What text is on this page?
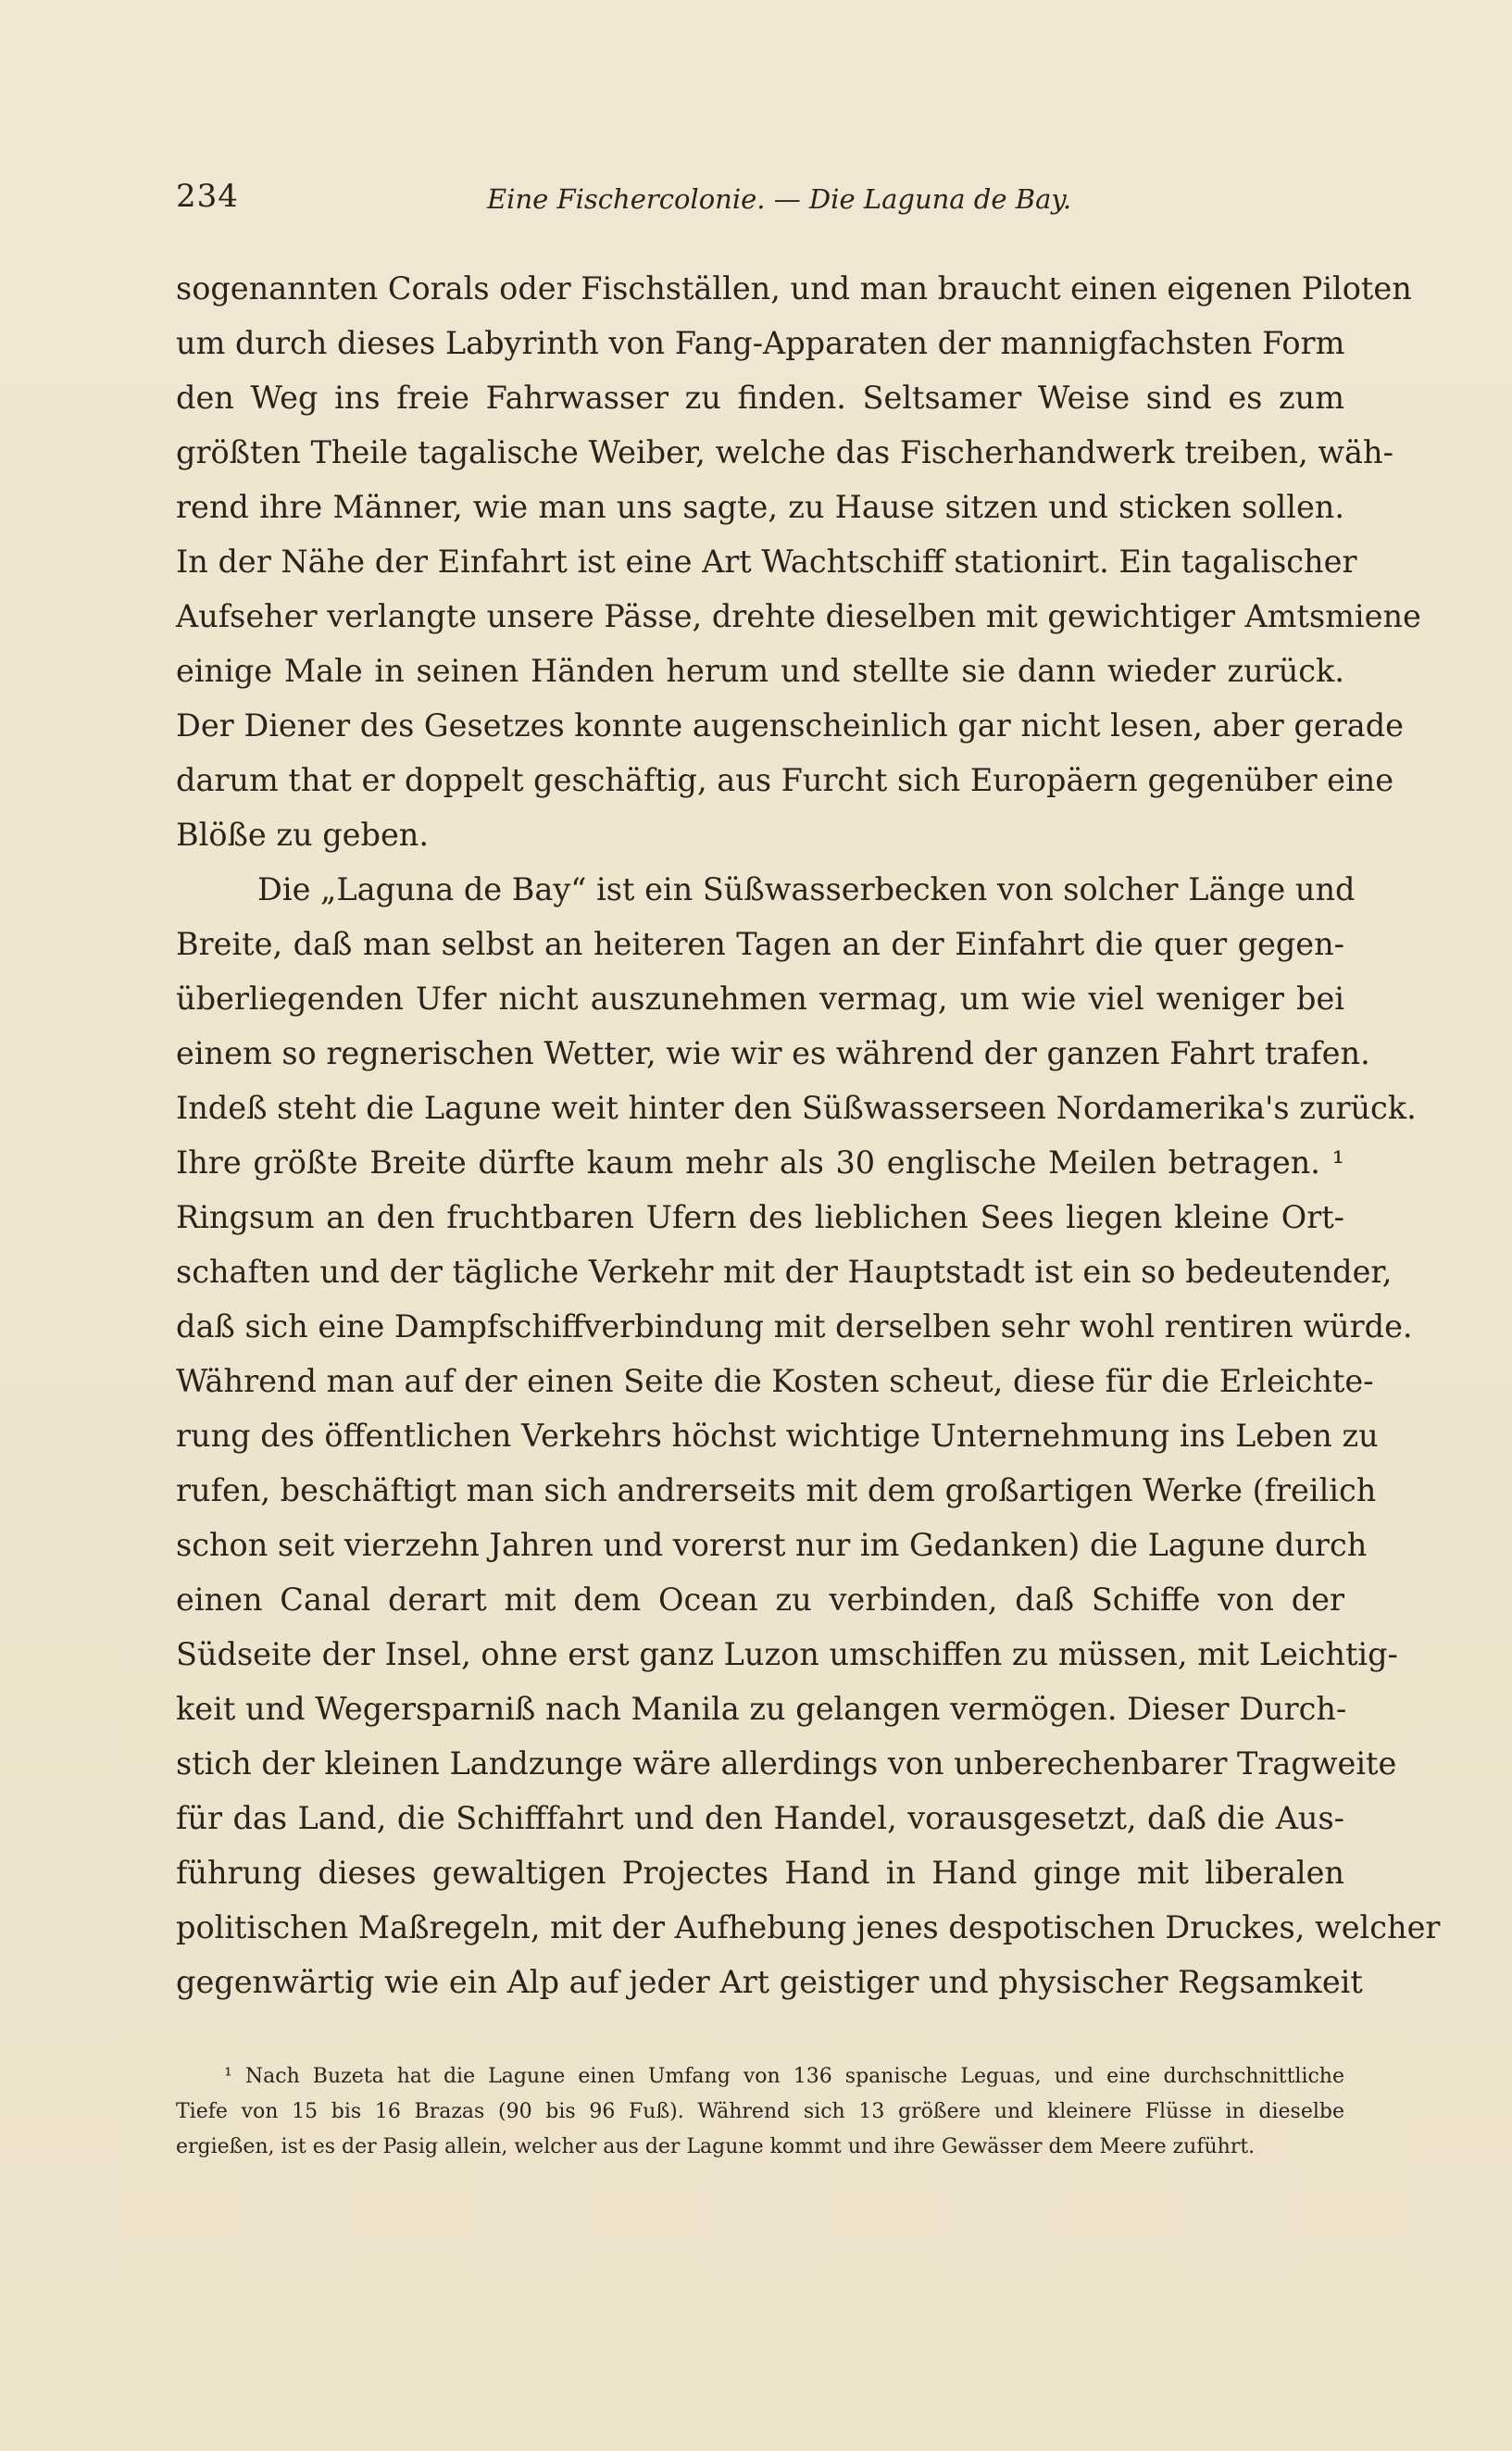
234	Eine Fischercolonie. — Die Laguna de Bay.
sogenannten Corals oder Fischställen, und man braucht einen eigenen Piloten
um durch dieses Labyrinth von Fang-Apparaten der mannigfachsten Form
den Weg ins freie Fahrwasser zu finden. Seltsamer Weise sind es zum
größten Theile tagalische Weiber, welche das Fischerhandwerk treiben, wäh-
rend ihre Männer, wie man uns sagte, zu Hause sitzen und sticken sollen.
In der Nähe der Einfahrt ist eine Art Wachtschiff stationirt. Ein tagalischer
Aufseher verlangte unsere Pässe, drehte dieselben mit gewichtiger Amtsmiene
einige Male in seinen Händen herum und stellte sie dann wieder zurück.
Der Diener des Gesetzes konnte augenscheinlich gar nicht lesen, aber gerade
darum that er doppelt geschäftig, aus Furcht sich Europäern gegenüber eine
Blöße zu geben.
Die „Laguna de Bay“ ist ein Süßwasserbecken von solcher Länge und
Breite, daß man selbst an heiteren Tagen an der Einfahrt die quer gegen-
überliegenden Ufer nicht auszunehmen vermag, um wie viel weniger bei
einem so regnerischen Wetter, wie wir es während der ganzen Fahrt trafen.
Indeß steht die Lagune weit hinter den Süßwasserseen Nordamerika's zurück.
Ihre größte Breite dürfte kaum mehr als 30 englische Meilen betragen. ¹
Ringsum an den fruchtbaren Ufern des lieblichen Sees liegen kleine Ort-
schaften und der tägliche Verkehr mit der Hauptstadt ist ein so bedeutender,
daß sich eine Dampfschiffverbindung mit derselben sehr wohl rentiren würde.
Während man auf der einen Seite die Kosten scheut, diese für die Erleichte-
rung des öffentlichen Verkehrs höchst wichtige Unternehmung ins Leben zu
rufen, beschäftigt man sich andrerseits mit dem großartigen Werke (freilich
schon seit vierzehn Jahren und vorerst nur im Gedanken) die Lagune durch
einen Canal derart mit dem Ocean zu verbinden, daß Schiffe von der
Südseite der Insel, ohne erst ganz Luzon umschiffen zu müssen, mit Leichtig-
keit und Wegersparniß nach Manila zu gelangen vermögen. Dieser Durch-
stich der kleinen Landzunge wäre allerdings von unberechenbarer Tragweite
für das Land, die Schifffahrt und den Handel, vorausgesetzt, daß die Aus-
führung dieses gewaltigen Projectes Hand in Hand ginge mit liberalen
politischen Maßregeln, mit der Aufhebung jenes despotischen Druckes, welcher
gegenwärtig wie ein Alp auf jeder Art geistiger und physischer Regsamkeit
¹ Nach Buzeta hat die Lagune einen Umfang von 136 spanische Leguas, und eine durchschnittliche
Tiefe von 15 bis 16 Brazas (90 bis 96 Fuß). Während sich 13 größere und kleinere Flüsse in dieselbe
ergießen, ist es der Pasig allein, welcher aus der Lagune kommt und ihre Gewässer dem Meere zuführt.
